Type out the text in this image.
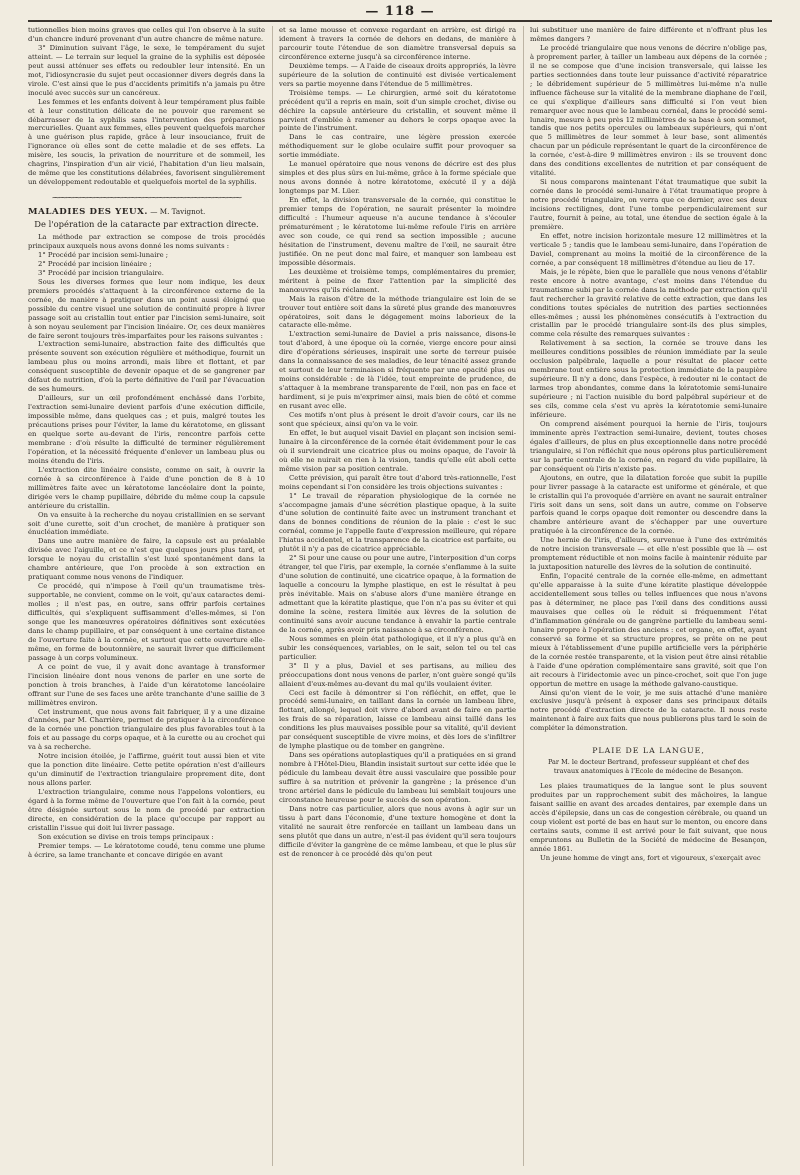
— 118 —

tutionnelles bien moins graves que celles qui l'on observe à la suite d'un chancre induré provenant d'un autre chancre de même nature.

3° Diminution suivant l'âge, le sexe, le tempérament du sujet atteint. — Le terrain sur lequel la graine de la syphilis est déposée peut aussi atténuer ses effets ou redoubler leur intensité. En un mot, l'idiosyncrasie du sujet peut occasionner divers degrés dans la virole. C'est ainsi que le pus d'accidents primitifs n'a jamais pu être inoculé avec succès sur un cancéreux.

Les femmes et les enfants doivent à leur tempérament plus faible et à leur constitution délicate de ne pouvoir que rarement se débarrasser de la syphilis sans l'intervention des préparations mercurielles. Quant aux femmes, elles peuvent quelquefois marcher à une guérison plus rapide, grâce à leur insouciance, fruit de l'ignorance où elles sont de cette maladie et de ses effets. La misère, les soucis, la privation de nourriture et de sommeil, les chagrins, l'inspiration d'un air vicié, l'habitation d'un lieu malsain, de même que les constitutions délabrées, favorisent singulièrement un développement redoutable et quelquefois mortel de la syphilis.

⁓⁓⁓⁓⁓⁓⁓⁓⁓⁓⁓⁓⁓⁓⁓⁓⁓⁓⁓⁓⁓⁓⁓⁓⁓⁓⁓

MALADIES DES YEUX. — M. Tavignot.

De l'opération de la cataracte par extraction directe.

La méthode par extraction se compose de trois procédés principaux auxquels nous avons donné les noms suivants :

1° Procédé par incision semi-lunaire ;

2° Procédé par incision linéaire ;

3° Procédé par incision triangulaire.

Sous les diverses formes que leur nom indique, les deux premiers procédés s'attaquent à la circonférence externe de la cornée, de manière à pratiquer dans un point aussi éloigné que possible du centre visuel une solution de continuité propre à livrer passage soit au cristallin tout entier par l'incision semi-lunaire, soit à son noyau seulement par l'incision linéaire. Or, ces deux manières de faire seront toujours très-imparfaites pour les raisons suivantes :

L'extraction semi-lunaire, abstraction faite des difficultés que présente souvent son exécution régulière et méthodique, fournit un lambeau plus ou moins arrondi, mais libre et flottant, et par conséquent susceptible de devenir opaque et de se gangrener par défaut de nutrition, d'où la perte définitive de l'œil par l'évacuation de ses humeurs.

D'ailleurs, sur un œil profondément enchâssé dans l'orbite, l'extraction semi-lunaire devient parfois d'une exécution difficile, impossible même, dans quelques cas ; et puis, malgré toutes les précautions prises pour l'éviter, la lame du kératotome, en glissant en quelque sorte au-devant de l'iris, rencontre parfois cette membrane : d'où résulte la difficulté de terminer régulièrement l'opération, et la nécessité fréquente d'enlever un lambeau plus ou moins étendu de l'iris.

L'extraction dite linéaire consiste, comme on sait, à ouvrir la cornée à sa circonférence à l'aide d'une ponction de 8 à 10 millimètres faite avec un kératotome lancéolaire dont la pointe, dirigée vers le champ pupillaire, débride du même coup la capsule antérieure du cristallin.

On va ensuite à la recherche du noyau cristallinien en se servant soit d'une curette, soit d'un crochet, de manière à pratiquer son énucléation immédiate.

Dans une autre manière de faire, la capsule est au préalable divisée avec l'aiguille, et ce n'est que quelques jours plus tard, et lorsque le noyau du cristallin s'est luxé spontanément dans la chambre antérieure, que l'on procède à son extraction en pratiquant comme nous venons de l'indiquer.

Ce procédé, qui n'impose à l'œil qu'un traumatisme très-supportable, ne convient, comme on le voit, qu'aux cataractes demi-molles ; il n'est pas, en outre, sans offrir parfois certaines difficultés, qui s'expliquent suffisamment d'elles-mêmes, si l'on songe que les manœuvres opératoires définitives sont exécutées dans le champ pupillaire, et par conséquent à une certaine distance de l'ouverture faite à la cornée, et surtout que cette ouverture elle-même, en forme de boutonnière, ne saurait livrer que difficilement passage à un corps volumineux.

A ce point de vue, il y avait donc avantage à transformer l'incision linéaire dont nous venons de parler en une sorte de ponction à trois branches, à l'aide d'un kératotome lancéolaire offrant sur l'une de ses faces une arête tranchante d'une saillie de 3 millimètres environ.

Cet instrument, que nous avons fait fabriquer, il y a une dizaine d'années, par M. Charrière, permet de pratiquer à la circonférence de la cornée une ponction triangulaire des plus favorables tout à la fois et au passage du corps opaque, et à la curette ou au crochet qui va à sa recherche.

Notre incision étoilée, je l'affirme, guérit tout aussi bien et vite que la ponction dite linéaire. Cette petite opération n'est d'ailleurs qu'un diminutif de l'extraction triangulaire proprement dite, dont nous allons parler.

L'extraction triangulaire, comme nous l'appelons volontiers, eu égard à la forme même de l'ouverture que l'on fait à la cornée, peut être désignée surtout sous le nom de procédé par extraction directe, en considération de la place qu'occupe par rapport au cristallin l'issue qui doit lui livrer passage.

Son exécution se divise en trois temps principaux :

Premier temps. — Le kératotome coudé, tenu comme une plume à écrire, sa lame tranchante et concave dirigée en avant

et sa lame mousse et convexe regardant en arrière, est dirigé ra idement à travers la cornée de dehors en dedans, de manière à parcourir toute l'étendue de son diamètre transversal depuis sa circonférence externe jusqu'à sa circonférence interne.

Deuxième temps. — A l'aide de ciseaux droits appropriés, la lèvre supérieure de la solution de continuité est divisée verticalement vers sa partie moyenne dans l'étendue de 5 millimètres.

Troisième temps. — Le chirurgien, armé soit du kératotome précédent qu'il a repris en main, soit d'un simple crochet, divise ou déchire la capsule antérieure du cristallin, et souvent même il parvient d'emblée à ramener au dehors le corps opaque avec la pointe de l'instrument.

Dans le cas contraire, une légère pression exercée méthodiquement sur le globe oculaire suffit pour provoquer sa sortie immédiate.

Le manuel opératoire que nous venons de décrire est des plus simples et des plus sûrs en lui-même, grâce à la forme spéciale que nous avons donnée à notre kératotome, exécuté il y a déjà longtemps par M. Lüer.

En effet, la division transversale de la cornée, qui constitue le premier temps de l'opération, ne saurait présenter la moindre difficulté : l'humeur aqueuse n'a aucune tendance à s'écouler prématurément ; le kératotome lui-même refoule l'iris en arrière avec son coude, ce qui rend sa section impossible ; aucune hésitation de l'instrument, devenu maître de l'œil, ne saurait être justifiée. On ne peut donc mal faire, et manquer son lambeau est impossible désormais.

Les deuxième et troisième temps, complémentaires du premier, méritent à peine de fixer l'attention par la simplicité des manœuvres qu'ils réclament.

Mais la raison d'être de la méthode triangulaire est loin de se trouver tout entière soit dans la sûreté plus grande des manœuvres opératoires, soit dans le dégagement moins laborieux de la cataracte elle-même.

L'extraction semi-lunaire de Daviel a pris naissance, disons-le tout d'abord, à une époque où la cornée, vierge encore pour ainsi dire d'opérations sérieuses, inspirait une sorte de terreur puisée dans la connaissance de ses maladies, de leur ténacité assez grande et surtout de leur terminaison si fréquente par une opacité plus ou moins considérable : de là l'idée, tout empreinte de prudence, de s'attaquer à la membrane transparente de l'œil, non pas en face et hardiment, si je puis m'exprimer ainsi, mais bien de côté et comme en rusant avec elle.

Ces motifs n'ont plus à présent le droit d'avoir cours, car ils ne sont que spécieux, ainsi qu'on va le voir.

En effet, le but auquel visait Daviel en plaçant son incision semi-lunaire à la circonférence de la cornée était évidemment pour le cas où il surviendrait une cicatrice plus ou moins opaque, de l'avoir là où elle ne nuirait en rien à la vision, tandis qu'elle eût aboli cette même vision par sa position centrale.

Cette prévision, qui paraît être tout d'abord très-rationnelle, l'est moins cependant si l'on considère les trois objections suivantes :

1° Le travail de réparation physiologique de la cornée ne s'accompagne jamais d'une sécrétion plastique opaque, à la suite d'une solution de continuité faite avec un instrument tranchant et dans de bonnes conditions de réunion de la plaie : c'est le suc cornéal, comme je l'appelle faute d'expression meilleure, qui répare l'hiatus accidentel, et la transparence de la cicatrice est parfaite, ou plutôt il n'y a pas de cicatrice appréciable.

2° Si pour une cause ou pour une autre, l'interposition d'un corps étranger, tel que l'iris, par exemple, la cornée s'enflamme à la suite d'une solution de continuité, une cicatrice opaque, à la formation de laquelle a concouru la lymphe plastique, en est le résultat à peu près inévitable. Mais on s'abuse alors d'une manière étrange en admettant que la kératite plastique, que l'on n'a pas su éviter et qui domine la scène, restera limitée aux lèvres de la solution de continuité sans avoir aucune tendance à envahir la partie centrale de la cornée, après avoir pris naissance à sa circonférence.

Nous sommes en plein état pathologique, et il n'y a plus qu'à en subir les conséquences, variables, on le sait, selon tel ou tel cas particulier.

3° Il y a plus, Daviel et ses partisans, au milieu des préoccupations dont nous venons de parler, n'ont guère songé qu'ils allaient d'eux-mêmes au-devant du mal qu'ils voulaient éviter.

Ceci est facile à démontrer si l'on réfléchit, en effet, que le procédé semi-lunaire, en taillant dans la cornée un lambeau libre, flottant, allongé, lequel doit vivre d'abord avant de faire en partie les frais de sa réparation, laisse ce lambeau ainsi taillé dans les conditions les plus mauvaises possible pour sa vitalité, qu'il devient par conséquent susceptible de vivre moins, et dès lors de s'infiltrer de lymphe plastique ou de tomber en gangrène.

Dans ses opérations autoplastiques qu'il a pratiquées en si grand nombre à l'Hôtel-Dieu, Blandin insistait surtout sur cette idée que le pédicule du lambeau devait être aussi vasculaire que possible pour suffire à sa nutrition et prévenir la gangrène ; la présence d'un tronc artériel dans le pédicule du lambeau lui semblait toujours une circonstance heureuse pour le succès de son opération.

Dans notre cas particulier, alors que nous avons à agir sur un tissu à part dans l'économie, d'une texture homogène et dont la vitalité ne saurait être renforcée en taillant un lambeau dans un sens plutôt que dans un autre, n'est-il pas évident qu'il sera toujours difficile d'éviter la gangrène de ce même lambeau, et que le plus sûr est de renoncer à ce procédé dès qu'on peut

lui substituer une manière de faire différente et n'offrant plus les mêmes dangers ?

Le procédé triangulaire que nous venons de décrire n'oblige pas, à proprement parler, à tailler un lambeau aux dépens de la cornée ; il ne se compose que d'une incision transversale, qui laisse les parties sectionnées dans toute leur puissance d'activité réparatrice ; le débridement supérieur de 5 millimètres lui-même n'a nulle influence fâcheuse sur la vitalité de la membrane diaphane de l'œil, ce qui s'explique d'ailleurs sans difficulté si l'on veut bien remarquer avec nous que le lambeau cornéal, dans le procédé semi-lunaire, mesure à peu près 12 millimètres de sa base à son sommet, tandis que nos petits opercules ou lambeaux supérieurs, qui n'ont que 5 millimètres de leur sommet à leur base, sont alimentés chacun par un pédicule représentant le quart de la circonférence de la cornée, c'est-à-dire 9 millimètres environ : ils se trouvent donc dans des conditions excellentes de nutrition et par conséquent de vitalité.

Si nous comparons maintenant l'état traumatique que subit la cornée dans le procédé semi-lunaire à l'état traumatique propre à notre procédé triangulaire, on verra que ce dernier, avec ses deux incisions rectilignes, dont l'une tombe perpendiculairement sur l'autre, fournit à peine, au total, une étendue de section égale à la première.

En effet, notre incision horizontale mesure 12 millimètres et la verticale 5 ; tandis que le lambeau semi-lunaire, dans l'opération de Daviel, comprenant au moins la moitié de la circonférence de la cornée, a par conséquent 18 millimètres d'étendue au lieu de 17.

Mais, je le répète, bien que le parallèle que nous venons d'établir reste encore à notre avantage, c'est moins dans l'étendue du traumatisme subi par la cornée dans la méthode par extraction qu'il faut rechercher la gravité relative de cette extraction, que dans les conditions toutes spéciales de nutrition des parties sectionnées elles-mêmes ; aussi les phénomènes consécutifs à l'extraction du cristallin par le procédé triangulaire sont-ils des plus simples, comme cela résulte des remarques suivantes :

Relativement à sa section, la cornée se trouve dans les meilleures conditions possibles de réunion immédiate par la seule occlusion palpébrale, laquelle a pour résultat de placer cette membrane tout entière sous la protection immédiate de la paupière supérieure. Il n'y a donc, dans l'espèce, à redouter ni le contact de larmes trop abondantes, comme dans la kératotomie semi-lunaire supérieure ; ni l'action nuisible du bord palpébral supérieur et de ses cils, comme cela s'est vu après la kératotomie semi-lunaire inférieure.

On comprend aisément pourquoi la hernie de l'iris, toujours imminente après l'extraction semi-lunaire, devient, toutes choses égales d'ailleurs, de plus en plus exceptionnelle dans notre procédé triangulaire, si l'on réfléchit que nous opérons plus particulièrement sur la partie centrale de la cornée, en regard du vide pupillaire, là par conséquent où l'iris n'existe pas.

Ajoutons, en outre, que la dilatation forcée que subit la pupille pour livrer passage à la cataracte est uniforme et générale, et que le cristallin qui l'a provoquée d'arrière en avant ne saurait entraîner l'iris soit dans un sens, soit dans un autre, comme on l'observe parfois quand le corps opaque doit remonter ou descendre dans la chambre antérieure avant de s'échapper par une ouverture pratiquée à la circonférence de la cornée.

Une hernie de l'iris, d'ailleurs, survenue à l'une des extrémités de notre incision transversale — et elle n'est possible que là — est promptement réductible et non moins facile à maintenir réduite par la juxtaposition naturelle des lèvres de la solution de continuité.

Enfin, l'opacité centrale de la cornée elle-même, en admettant qu'elle apparaisse à la suite d'une kératite plastique développée accidentellement sous telles ou telles influences que nous n'avons pas à déterminer, ne place pas l'œil dans des conditions aussi mauvaises que celles où le réduit si fréquemment l'état d'inflammation générale ou de gangrène partielle du lambeau semi-lunaire propre à l'opération des anciens : cet organe, en effet, ayant conservé sa forme et sa structure propres, se prête on ne peut mieux à l'établissement d'une pupille artificielle vers la périphérie de la cornée restée transparente, et la vision peut être ainsi rétablie à l'aide d'une opération complémentaire sans gravité, soit que l'on ait recours à l'iridectomie avec un pince-crochet, soit que l'on juge opportun de mettre en usage la méthode galvano-caustique.

Ainsi qu'on vient de le voir, je me suis attaché d'une manière exclusive jusqu'à présent à exposer dans ses principaux détails notre procédé d'extraction directe de la cataracte. Il nous reste maintenant à faire aux faits que nous publierons plus tard le soin de compléter la démonstration.

PLAIE DE LA LANGUE,
Par M. le docteur Bertrand, professeur suppléant et chef des travaux anatomiques à l'Ecole de médecine de Besançon.

Les plaies traumatiques de la langue sont le plus souvent produites par un rapprochement subit des mâchoires, la langue faisant saillie en avant des arcades dentaires, par exemple dans un accès d'épilepsie, dans un cas de congestion cérébrale, ou quand un coup violent est porté de bas en haut sur le menton, ou encore dans certains sauts, comme il est arrivé pour le fait suivant, que nous empruntons au Bulletin de la Société de médecine de Besançon, année 1861.

Un jeune homme de vingt ans, fort et vigoureux, s'exerçait avec
